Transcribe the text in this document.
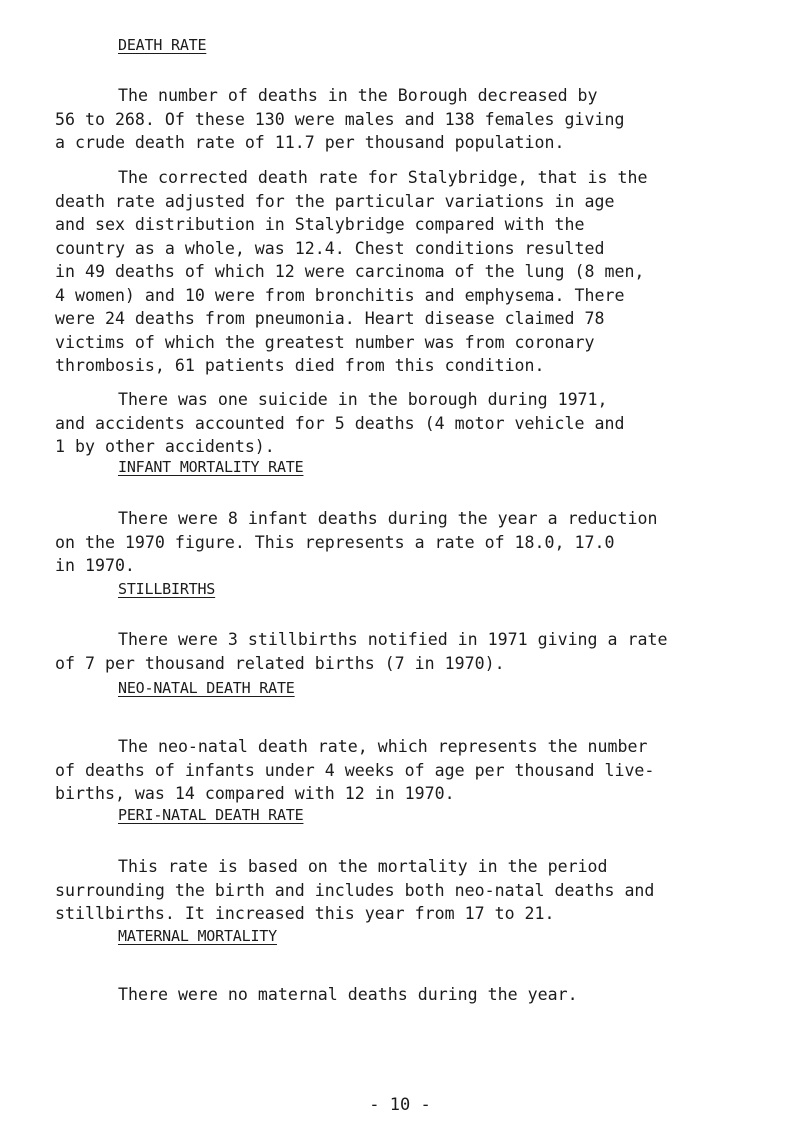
DEATH RATE

The number of deaths in the Borough decreased by
56 to 268. Of these 130 were males and 138 females giving
a crude death rate of 11.7 per thousand population.

The corrected death rate for Stalybridge, that is the
death rate adjusted for the particular variations in age
and sex distribution in Stalybridge compared with the
country as a whole, was 12.4. Chest conditions resulted
in 49 deaths of which 12 were carcinoma of the lung (8 men,
4 women) and 10 were from bronchitis and emphysema. There
were 24 deaths from pneumonia. Heart disease claimed 78
victims of which the greatest number was from coronary
thrombosis, 61 patients died from this condition.

There was one suicide in the borough during 1971,
and accidents accounted for 5 deaths (4 motor vehicle and
1 by other accidents).

INFANT MORTALITY RATE

There were 8 infant deaths during the year a reduction
on the 1970 figure. This represents a rate of 18.0, 17.0
in 1970.

STILLBIRTHS

There were 3 stillbirths notified in 1971 giving a rate
of 7 per thousand related births (7 in 1970).

NEO-NATAL DEATH RATE

The neo-natal death rate, which represents the number
of deaths of infants under 4 weeks of age per thousand live-
births, was 14 compared with 12 in 1970.

PERI-NATAL DEATH RATE

This rate is based on the mortality in the period
surrounding the birth and includes both neo-natal deaths and
stillbirths. It increased this year from 17 to 21.

MATERNAL MORTALITY

There were no maternal deaths during the year.

- 10 -
